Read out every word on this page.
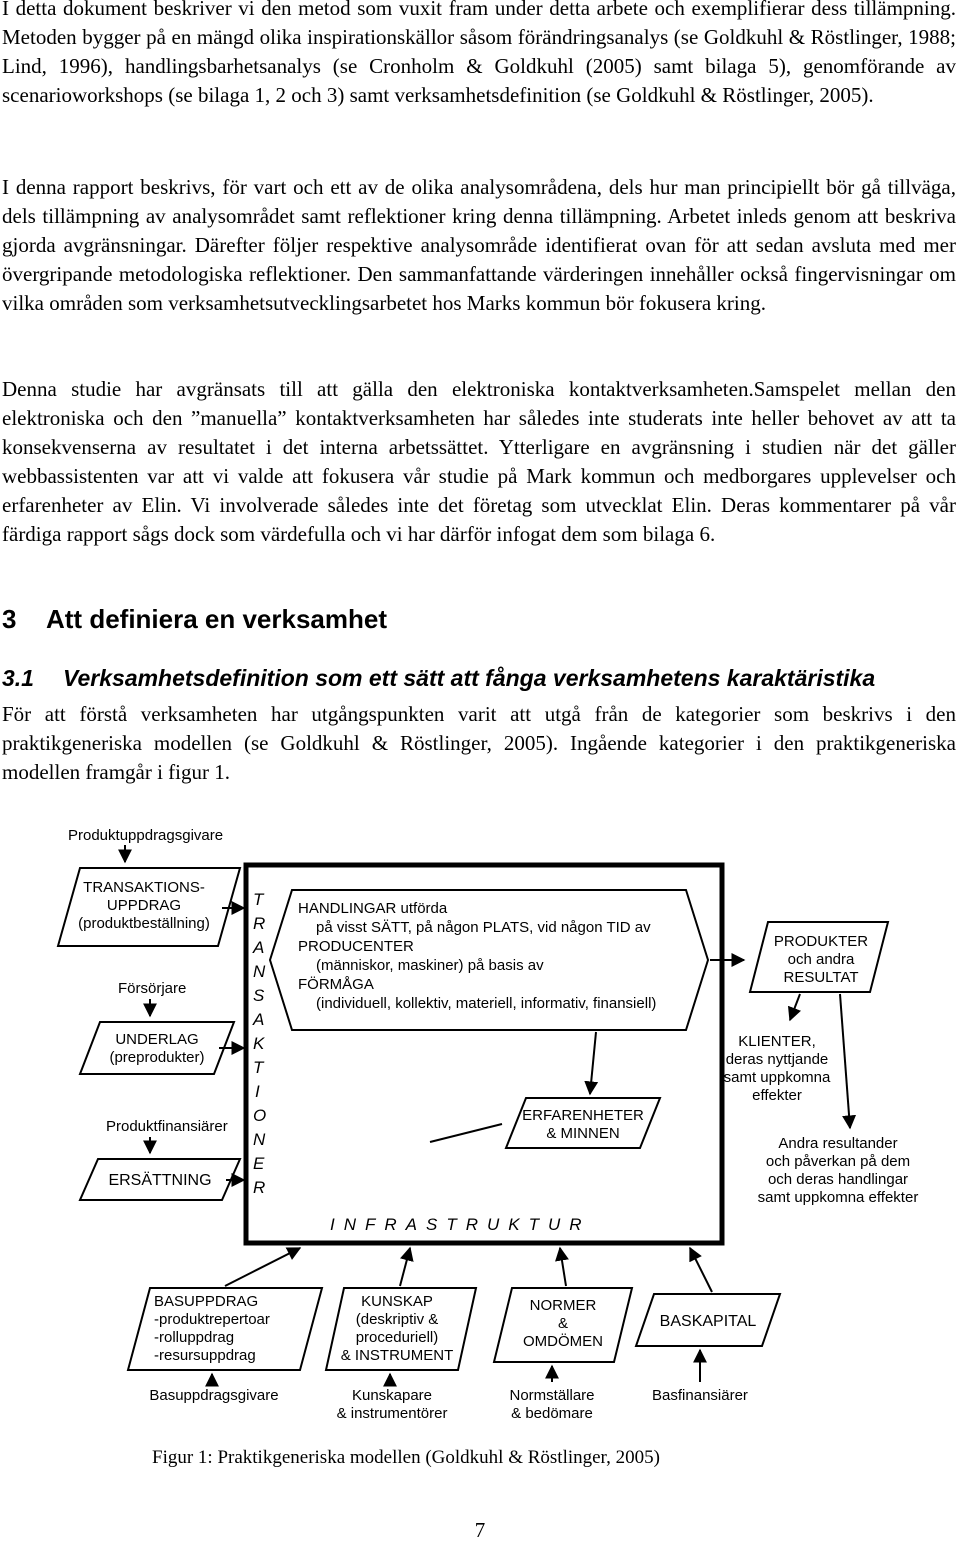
I detta dokument beskriver vi den metod som vuxit fram under detta arbete och exemplifierar dess tillämpning. Metoden bygger på en mängd olika inspirationskällor såsom förändringsanalys (se Goldkuhl & Röstlinger, 1988; Lind, 1996), handlingsbarhetsanalys (se Cronholm & Goldkuhl (2005) samt bilaga 5), genomförande av scenarioworkshops (se bilaga 1, 2 och 3) samt verksamhetsdefinition (se Goldkuhl & Röstlinger, 2005).

I denna rapport beskrivs, för vart och ett av de olika analysområdena, dels hur man principiellt bör gå tillväga, dels tillämpning av analysområdet samt reflektioner kring denna tillämpning. Arbetet inleds genom att beskriva gjorda avgränsningar. Därefter följer respektive analysområde identifierat ovan för att sedan avsluta med mer övergripande metodologiska reflektioner. Den sammanfattande värderingen innehåller också fingervisningar om vilka områden som verksamhetsutvecklingsarbetet hos Marks kommun bör fokusera kring.

Denna studie har avgränsats till att gälla den elektroniska kontaktverksamheten.Samspelet mellan den elektroniska och den ”manuella” kontaktverksamheten har således inte studerats inte heller behovet av att ta konsekvenserna av resultatet i det interna arbetssättet. Ytterligare en avgränsning i studien när det gäller webbassistenten var att vi valde att fokusera vår studie på Mark kommun och medborgares upplevelser och erfarenheter av Elin. Vi involverade således inte det företag som utvecklat Elin. Deras kommentarer på vår färdiga rapport sågs dock som värdefulla och vi har därför infogat dem som bilaga 6.

3 Att definiera en verksamhet
3.1 Verksamhetsdefinition som ett sätt att fånga verksamhetens karaktäristika

För att förstå verksamheten har utgångspunkten varit att utgå från de kategorier som beskrivs i den praktikgeneriska modellen (se Goldkuhl & Röstlinger, 2005). Ingående kategorier i den praktikgeneriska modellen framgår i figur 1.

Produktuppdragsgivare
TRANSAKTIONS-
UPPDRAG
(produktbeställning)
Försörjare
UNDERLAG
(preprodukter)
Produktfinansiärer
ERSÄTTNING
T
R
A
N
S
A
K
T
I
O
N
E
R
HANDLINGAR utförda
på visst SÄTT, på någon PLATS, vid någon TID av
PRODUCENTER
(människor, maskiner) på basis av
FÖRMÅGA
(individuell, kollektiv, materiell, informativ, finansiell)
ERFARENHETER
& MINNEN
INFRASTRUKTUR
PRODUKTER
och andra
RESULTAT
KLIENTER,
deras nyttjande
samt uppkomna
effekter
Andra resultander
och påverkan på dem
och deras handlingar
samt uppkomna effekter
BASUPPDRAG
-produktrepertoar
-rolluppdrag
-resursuppdrag
KUNSKAP
(deskriptiv &
proceduriell)
& INSTRUMENT
NORMER
&
OMDÖMEN
BASKAPITAL
Basuppdragsgivare	Kunskapare
& instrumentörer
Normställare
& bedömare
Basfinansiärer

Figur 1: Praktikgeneriska modellen (Goldkuhl & Röstlinger, 2005)

7
